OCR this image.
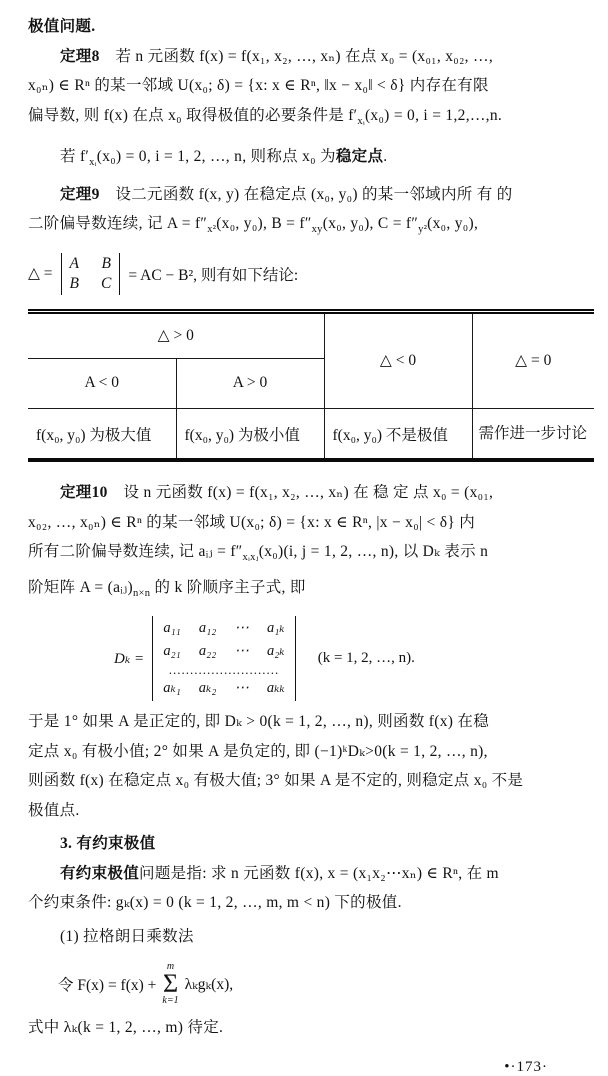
极值问题.
定理8　若 n 元函数 f(x) = f(x₁, x₂, …, xₙ) 在点 x₀ = (x₀₁, x₀₂, …,
x₀ₙ) ∈ Rⁿ 的某一邻域 U(x₀; δ) = {x: x ∈ Rⁿ, ‖x − x₀‖ < δ} 内存在有限
偏导数, 则 f(x) 在点 x₀ 取得极值的必要条件是 $f'_{xᵢ}(x_0) = 0$, i = 1,2,…,n.
若 $f'_{xᵢ}(x_0) = 0$, i = 1, 2, …, n, 则称点 x₀ 为稳定点.
定理9　设二元函数 f(x, y) 在稳定点 (x₀, y₀) 的某一邻域内所 有 的
二阶偏导数连续, 记 $A = f''_{x^2}(x_0$, y₀), $B = f''_{xy}(x_0$, y₀), $C = f''_{y^2}(x_0$, y₀),
△ =
A B
B C = AC − B², 则有如下结论:
△ > 0		△ < 0	△ = 0
A < 0	A > 0		
f(x₀, y₀) 为极大值	f(x₀, y₀) 为极小值	f(x₀, y₀) 不是极值	需作进一步讨论
定理10　设 n 元函数 f(x) = f(x₁, x₂, …, xₙ) 在 稳 定 点 x₀ = (x₀₁,
x₀₂, …, x₀ₙ) ∈ Rⁿ 的某一邻域 U(x₀; δ) = {x: x ∈ Rⁿ, |x − x₀| < δ} 内
所有二阶偏导数连续, 记 aᵢⱼ = $f''_{xᵢxⱼ}(x_0)(i$, j = 1, 2, …, n), 以 Dₖ 表示 n
阶矩阵 $A = (aᵢⱼ)_{n\times n}$ 的 k 阶顺序主子式, 即
Dₖ =
a₁₁ a₁₂ ⋯ a₁ₖ
a₂₁ a₂₂ ⋯ a₂ₖ
..........................
aₖ₁ aₖ₂ ⋯ aₖₖ
(k = 1, 2, …, n).
于是 1° 如果 A 是正定的, 即 Dₖ > 0(k = 1, 2, …, n), 则函数 f(x) 在稳
定点 x₀ 有极小值; 2° 如果 A 是负定的, 即 (−1)ᵏDₖ>0(k = 1, 2, …, n),
则函数 f(x) 在稳定点 x₀ 有极大值; 3° 如果 A 是不定的, 则稳定点 x₀ 不是
极值点.
3. 有约束极值
有约束极值问题是指: 求 n 元函数 f(x), x = (x₁x₂⋯xₙ) ∈ Rⁿ, 在 m
个约束条件: gₖ(x) = 0 (k = 1, 2, …, m, m < n) 下的极值.
(1) 拉格朗日乘数法
令 F(x) = f(x) +
m
Σ
k=1
λₖgₖ(x),
式中 λₖ(k = 1, 2, …, m) 待定.
•·173·
